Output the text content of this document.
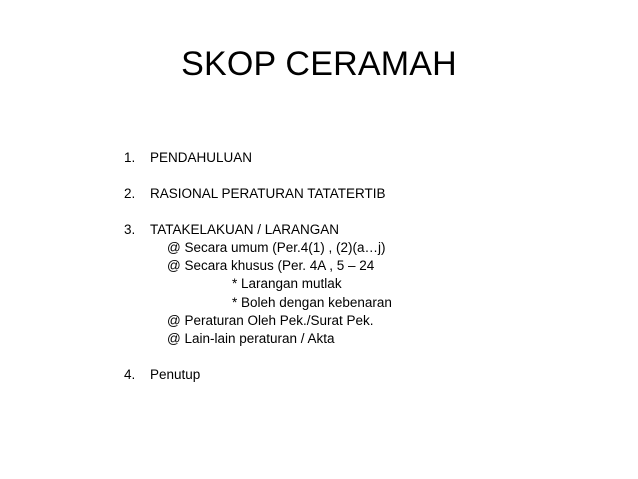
SKOP CERAMAH
1. PENDAHULUAN
2. RASIONAL PERATURAN TATATERTIB
3. TATAKELAKUAN / LARANGAN
@ Secara umum (Per.4(1) , (2)(a…j)
@ Secara khusus (Per. 4A , 5 – 24
* Larangan mutlak
* Boleh dengan kebenaran
@ Peraturan Oleh Pek./Surat Pek.
@ Lain-lain peraturan / Akta
4. Penutup
